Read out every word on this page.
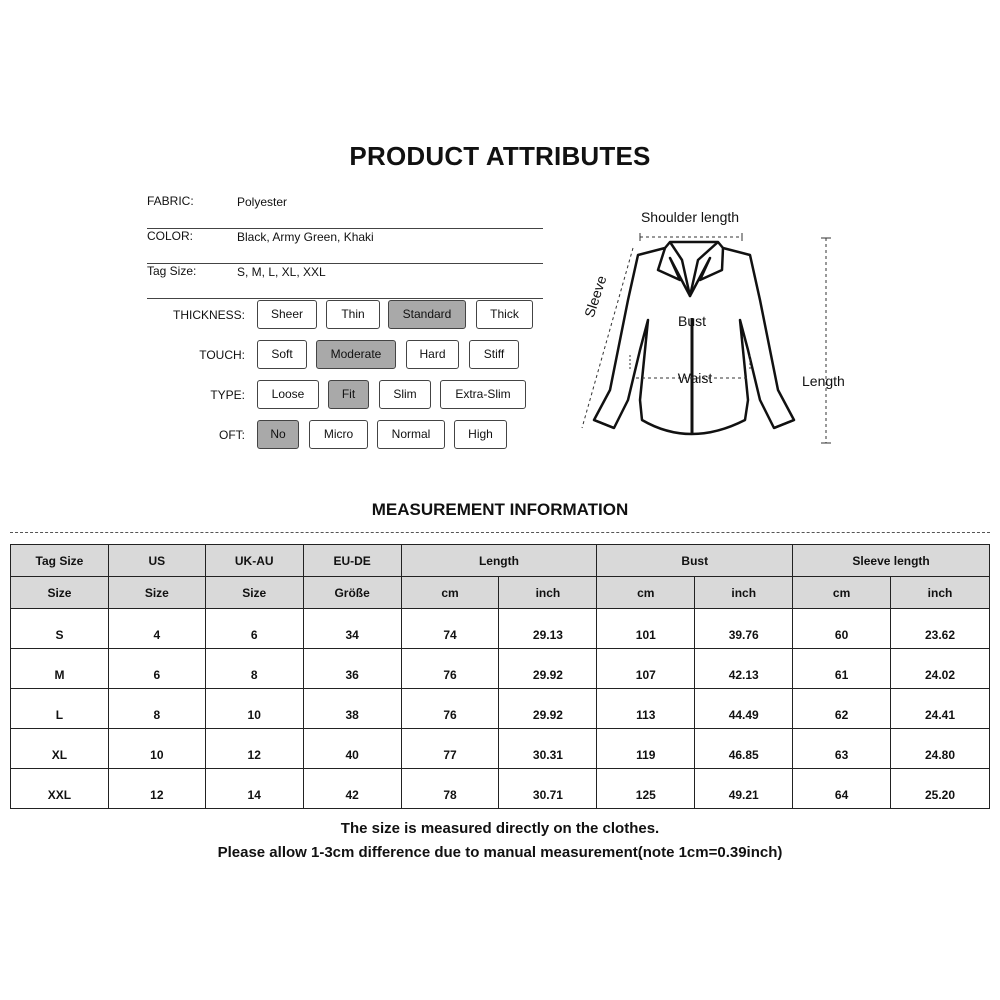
PRODUCT ATTRIBUTES
FABRIC:	Polyester
COLOR:	Black, Army Green, Khaki
Tag Size:	S, M, L, XL, XXL
THICKNESS:	Sheer	Thin	Standard	Thick
TOUCH:	Soft	Moderate	Hard	Stiff
TYPE:	Loose	Fit	Slim	Extra-Slim
OFT:	No	Micro	Normal	High
Shoulder length
Sleeve
Bust
Waist	Length
MEASUREMENT INFORMATION
Tag Size	US	UK-AU	EU-DE	Length		Bust		Sleeve length	
Size	Size	Size	Größe	cm	inch	cm	inch	cm	inch
S	4	6	34	74	29.13	101	39.76	60	23.62
M	6	8	36	76	29.92	107	42.13	61	24.02
L	8	10	38	76	29.92	113	44.49	62	24.41
XL	10	12	40	77	30.31	119	46.85	63	24.80
XXL	12	14	42	78	30.71	125	49.21	64	25.20
The size is measured directly on the clothes.
Please allow 1-3cm difference due to manual measurement(note 1cm=0.39inch)
